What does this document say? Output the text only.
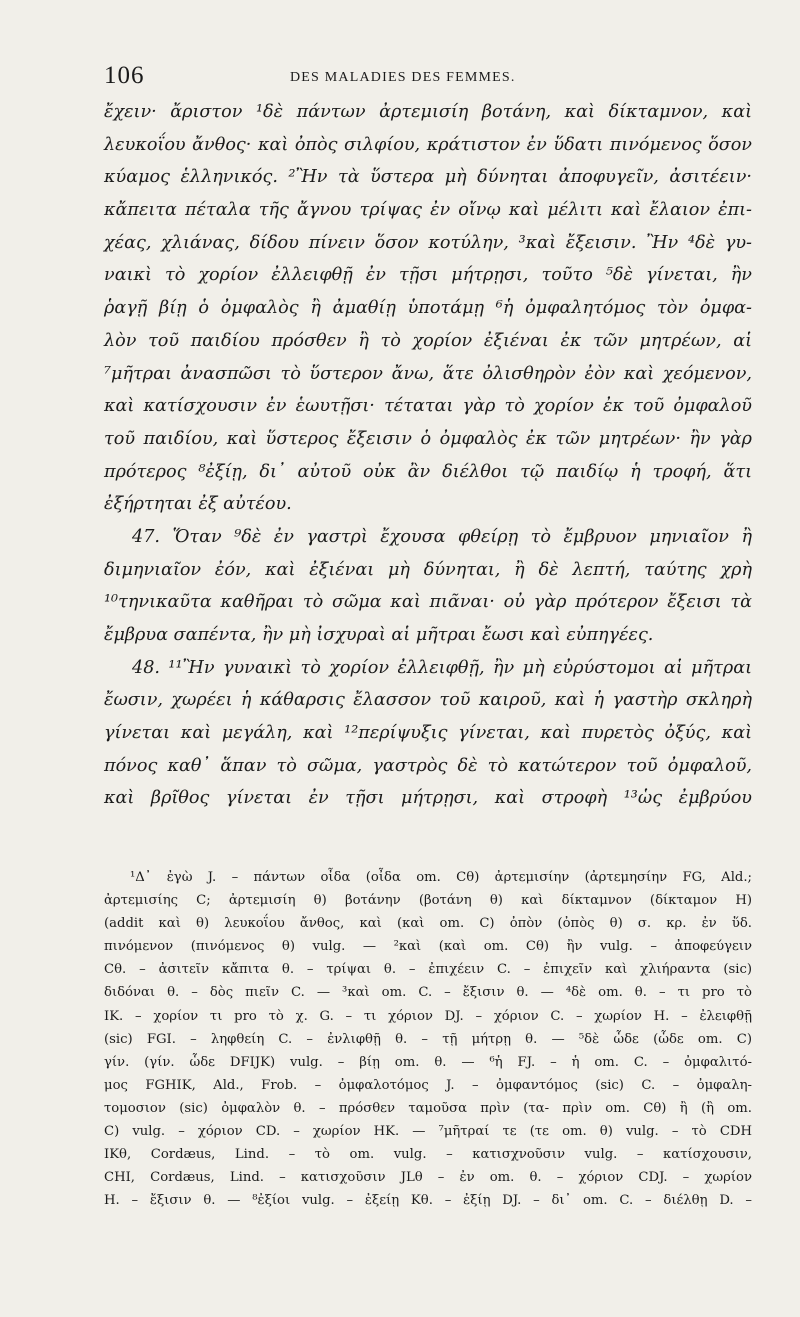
106	DES MALADIES DES FEMMES.
ἔχειν· ἄριστον ¹δὲ πάντων ἀρτεμισίη βοτάνη, καὶ δίκταμνον, καὶ
λευκοΐου ἄνθος· καὶ ὀπὸς σιλφίου, κράτιστον ἐν ὕδατι πινόμενος ὅσον
κύαμος ἑλληνικός. ²Ἢν τὰ ὕστερα μὴ δύνηται ἀποφυγεῖν, ἀσιτέειν·
κἄπειτα πέταλα τῆς ἄγνου τρίψας ἐν οἴνῳ καὶ μέλιτι καὶ ἔλαιον ἐπι-
χέας, χλιάνας, δίδου πίνειν ὅσον κοτύλην, ³καὶ ἔξεισιν. Ἢν ⁴δὲ γυ-
ναικὶ τὸ χορίον ἐλλειφθῇ ἐν τῇσι μήτρῃσι, τοῦτο ⁵δὲ γίνεται, ἢν
ῥαγῇ βίῃ ὁ ὀμφαλὸς ἢ ἀμαθίῃ ὑποτάμῃ ⁶ἡ ὀμφαλητόμος τὸν ὀμφα-
λὸν τοῦ παιδίου πρόσθεν ἢ τὸ χορίον ἐξιέναι ἐκ τῶν μητρέων, αἱ
⁷μῆτραι ἀνασπῶσι τὸ ὕστερον ἄνω, ἅτε ὀλισθηρὸν ἐὸν καὶ χεόμενον,
καὶ κατίσχουσιν ἐν ἑωυτῇσι· τέταται γὰρ τὸ χορίον ἐκ τοῦ ὀμφαλοῦ
τοῦ παιδίου, καὶ ὕστερος ἔξεισιν ὁ ὀμφαλὸς ἐκ τῶν μητρέων· ἢν γὰρ
πρότερος ⁸ἐξίῃ, δι᾽ αὐτοῦ οὐκ ἂν διέλθοι τῷ παιδίῳ ἡ τροφή, ἅτι
ἐξήρτηται ἐξ αὐτέου.
47. Ὅταν ⁹δὲ ἐν γαστρὶ ἔχουσα φθείρῃ τὸ ἔμβρυον μηνιαῖον ἢ
διμηνιαῖον ἐόν, καὶ ἐξιέναι μὴ δύνηται, ἢ δὲ λεπτή, ταύτης χρὴ
¹⁰τηνικαῦτα καθῆραι τὸ σῶμα καὶ πιᾶναι· οὐ γὰρ πρότερον ἔξεισι τὰ
ἔμβρυα σαπέντα, ἢν μὴ ἰσχυραὶ αἱ μῆτραι ἔωσι καὶ εὐπηγέες.
48. ¹¹Ἢν γυναικὶ τὸ χορίον ἐλλειφθῇ, ἢν μὴ εὐρύστομοι αἱ μῆτραι
ἔωσιν, χωρέει ἡ κάθαρσις ἔλασσον τοῦ καιροῦ, καὶ ἡ γαστὴρ σκληρὴ
γίνεται καὶ μεγάλη, καὶ ¹²περίψυξις γίνεται, καὶ πυρετὸς ὀξύς, καὶ
πόνος καθ᾽ ἅπαν τὸ σῶμα, γαστρὸς δὲ τὸ κατώτερον τοῦ ὀμφαλοῦ,
καὶ βρῖθος γίνεται ἐν τῇσι μήτρῃσι, καὶ στροφὴ ¹³ὡς ἐμβρύου
¹Δ᾽ ἐγὼ J. – πάντων οἶδα (οἶδα om. Cθ) ἀρτεμισίην (ἀρτεμησίην FG, Ald.;
ἀρτεμισίης C; ἀρτεμισίη θ) βοτάνην (βοτάνη θ) καὶ δίκταμνον (δίκταμον H)
(addit καὶ θ) λευκοΐου ἄνθος, καὶ (καὶ om. C) ὀπὸν (ὀπὸς θ) σ. κρ. ἐν ὕδ.
πινόμενον (πινόμενος θ) vulg. — ²καὶ (καὶ om. Cθ) ἢν vulg. – ἀποφεύγειν
Cθ. – ἀσιτεῖν κἄπιτα θ. – τρίψαι θ. – ἐπιχέειν C. – ἐπιχεῖν καὶ χλιήραντα (sic)
διδόναι θ. – δὸς πιεῖν C. — ³καὶ om. C. – ἔξισιν θ. — ⁴δὲ om. θ. – τι pro τὸ
IK. – χορίον τι pro τὸ χ. G. – τι χόριον DJ. – χόριον C. – χωρίον H. – ἐλειφθῇ
(sic) FGI. – ληφθείη C. – ἐνλιφθῇ θ. – τῇ μήτρῃ θ. — ⁵δὲ ὧδε (ὧδε om. C)
γίν. (γίν. ὧδε DFIJK) vulg. – βίῃ om. θ. — ⁶ἡ FJ. – ἡ om. C. – ὀμφαλιτό-
μος FGHIK, Ald., Frob. – ὀμφαλοτόμος J. – ὀμφαντόμος (sic) C. – ὀμφαλη-
τομοσιον (sic) ὀμφαλὸν θ. – πρόσθεν ταμοῦσα πρὶν (τα- πρὶν om. Cθ) ἢ (ἢ om.
C) vulg. – χόριον CD. – χωρίον HK. — ⁷μῆτραί τε (τε om. θ) vulg. – τὸ CDH
IKθ, Cordæus, Lind. – τὸ om. vulg. – κατισχνοῦσιν vulg. – κατίσχουσιν,
CHI, Cordæus, Lind. – κατισχοῦσιν JLθ – ἐν om. θ. – χόριον CDJ. – χωρίον
H. – ἔξισιν θ. — ⁸ἐξίοι vulg. – ἐξείῃ Kθ. – ἐξίῃ DJ. – δι᾽ om. C. – διέλθῃ D. –
